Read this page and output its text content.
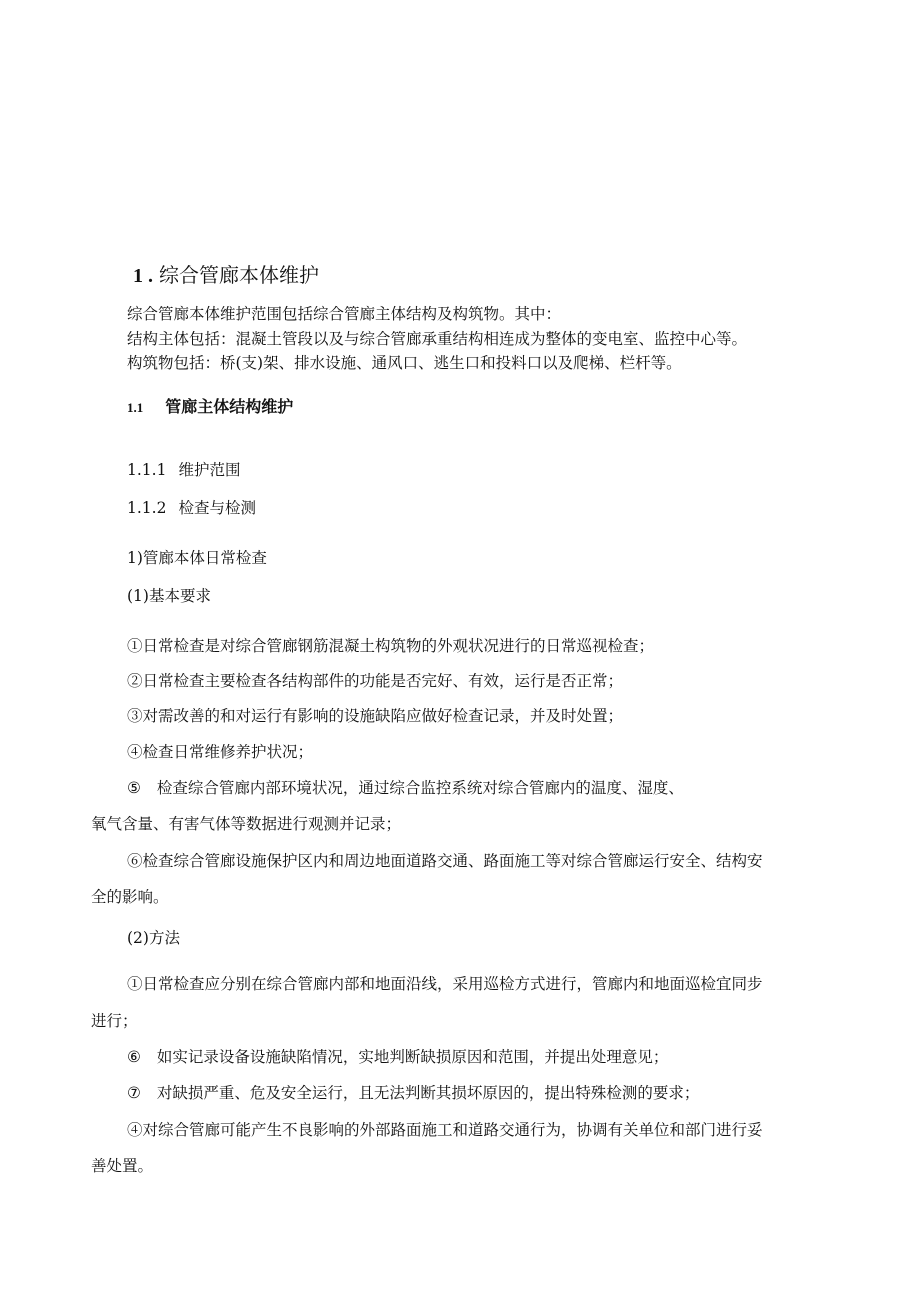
1 . 综合管廊本体维护
综合管廊本体维护范围包括综合管廊主体结构及构筑物。其中：
结构主体包括：混凝土管段以及与综合管廊承重结构相连成为整体的变电室、监控中心等。
构筑物包括：桥(支)架、排水设施、通风口、逃生口和投料口以及爬梯、栏杆等。
1.1 管廊主体结构维护
1.1.1 维护范围
1.1.2 检查与检测
1)管廊本体日常检查
(1)基本要求
①日常检查是对综合管廊钢筋混凝土构筑物的外观状况进行的日常巡视检查；
②日常检查主要检查各结构部件的功能是否完好、有效，运行是否正常；
③对需改善的和对运行有影响的设施缺陷应做好检查记录，并及时处置；
④检查日常维修养护状况；
⑤ 检查综合管廊内部环境状况，通过综合监控系统对综合管廊内的温度、湿度、
氧气含量、有害气体等数据进行观测并记录；
⑥检查综合管廊设施保护区内和周边地面道路交通、路面施工等对综合管廊运行安全、结构安
全的影响。
(2)方法
①日常检查应分别在综合管廊内部和地面沿线，采用巡检方式进行，管廊内和地面巡检宜同步
进行；
⑥ 如实记录设备设施缺陷情况，实地判断缺损原因和范围，并提出处理意见；
⑦ 对缺损严重、危及安全运行，且无法判断其损坏原因的，提出特殊检测的要求；
④对综合管廊可能产生不良影响的外部路面施工和道路交通行为，协调有关单位和部门进行妥
善处置。
